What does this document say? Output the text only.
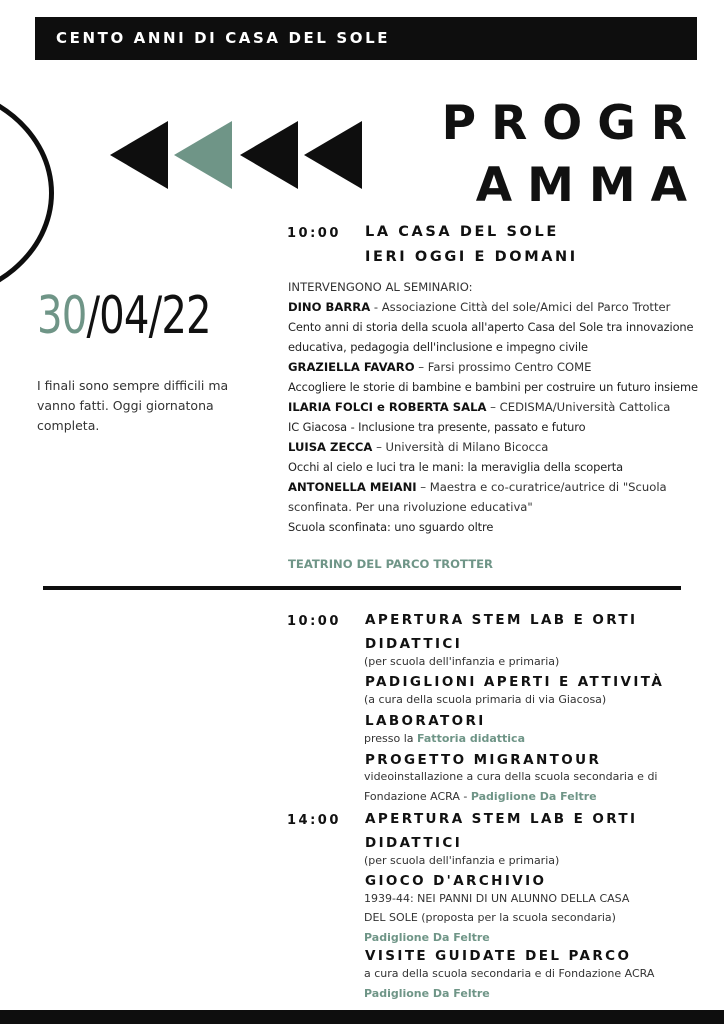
CENTO ANNI DI CASA DEL SOLE
PROGR
AMMA
30/04/22
I finali sono sempre difficili ma vanno fatti. Oggi giornatona completa.
10:00 LA CASA DEL SOLE
IERI OGGI E DOMANI
INTERVENGONO AL SEMINARIO:
DINO BARRA - Associazione Città del sole/Amici del Parco Trotter
Cento anni di storia della scuola all'aperto Casa del Sole tra innovazione
educativa, pedagogia dell'inclusione e impegno civile
GRAZIELLA FAVARO – Farsi prossimo Centro COME
Accogliere le storie di bambine e bambini per costruire un futuro insieme
ILARIA FOLCI e ROBERTA SALA – CEDISMA/Università Cattolica
IC Giacosa - Inclusione tra presente, passato e futuro
LUISA ZECCA – Università di Milano Bicocca
Occhi al cielo e luci tra le mani: la meraviglia della scoperta
ANTONELLA MEIANI – Maestra e co-curatrice/autrice di "Scuola
sconfinata. Per una rivoluzione educativa"
Scuola sconfinata: uno sguardo oltre
TEATRINO DEL PARCO TROTTER
10:00 APERTURA STEM LAB E ORTI
DIDATTICI
(per scuola dell'infanzia e primaria)
PADIGLIONI APERTI E ATTIVITÀ
(a cura della scuola primaria di via Giacosa)
LABORATORI
presso la Fattoria didattica
PROGETTO MIGRANTOUR
videoinstallazione a cura della scuola secondaria e di
Fondazione ACRA - Padiglione Da Feltre
14:00 APERTURA STEM LAB E ORTI
DIDATTICI
(per scuola dell'infanzia e primaria)
GIOCO D'ARCHIVIO
1939-44: NEI PANNI DI UN ALUNNO DELLA CASA
DEL SOLE (proposta per la scuola secondaria)
Padiglione Da Feltre
VISITE GUIDATE DEL PARCO
a cura della scuola secondaria e di Fondazione ACRA
Padiglione Da Feltre
